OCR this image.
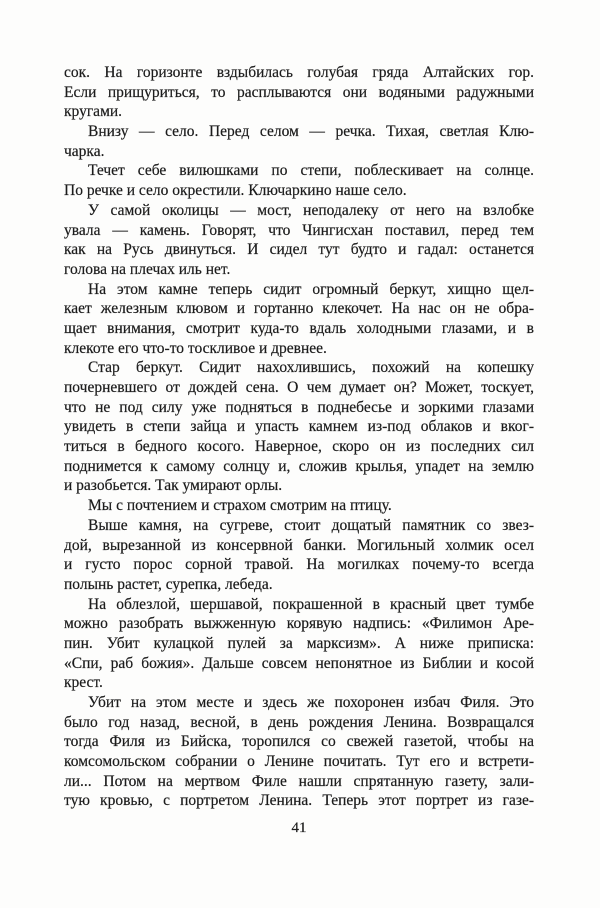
сок. На горизонте вздыбилась голубая гряда Алтайских гор.
Если прищуриться, то расплываются они водяными радужными
кругами.
Внизу — село. Перед селом — речка. Тихая, светлая Клю-
чарка.
Течет себе вилюшками по степи, поблескивает на солнце.
По речке и село окрестили. Ключаркино наше село.
У самой околицы — мост, неподалеку от него на взлобке
увала — камень. Говорят, что Чингисхан поставил, перед тем
как на Русь двинуться. И сидел тут будто и гадал: останется
голова на плечах иль нет.
На этом камне теперь сидит огромный беркут, хищно щел-
кает железным клювом и гортанно клекочет. На нас он не обра-
щает внимания, смотрит куда-то вдаль холодными глазами, и в
клекоте его что-то тоскливое и древнее.
Стар беркут. Сидит нахохлившись, похожий на копешку
почерневшего от дождей сена. О чем думает он? Может, тоскует,
что не под силу уже подняться в поднебесье и зоркими глазами
увидеть в степи зайца и упасть камнем из-под облаков и вког-
титься в бедного косого. Наверное, скоро он из последних сил
поднимется к самому солнцу и, сложив крылья, упадет на землю
и разобьется. Так умирают орлы.
Мы с почтением и страхом смотрим на птицу.
Выше камня, на сугреве, стоит дощатый памятник со звез-
дой, вырезанной из консервной банки. Могильный холмик осел
и густо порос сорной травой. На могилках почему-то всегда
полынь растет, сурепка, лебеда.
На облезлой, шершавой, покрашенной в красный цвет тумбе
можно разобрать выжженную корявую надпись: «Филимон Аре-
пин. Убит кулацкой пулей за марксизм». А ниже приписка:
«Спи, раб божия». Дальше совсем непонятное из Библии и косой
крест.
Убит на этом месте и здесь же похоронен избач Филя. Это
было год назад, весной, в день рождения Ленина. Возвращался
тогда Филя из Бийска, торопился со свежей газетой, чтобы на
комсомольском собрании о Ленине почитать. Тут его и встрети-
ли... Потом на мертвом Филе нашли спрятанную газету, зали-
тую кровью, с портретом Ленина. Теперь этот портрет из газе-
41
